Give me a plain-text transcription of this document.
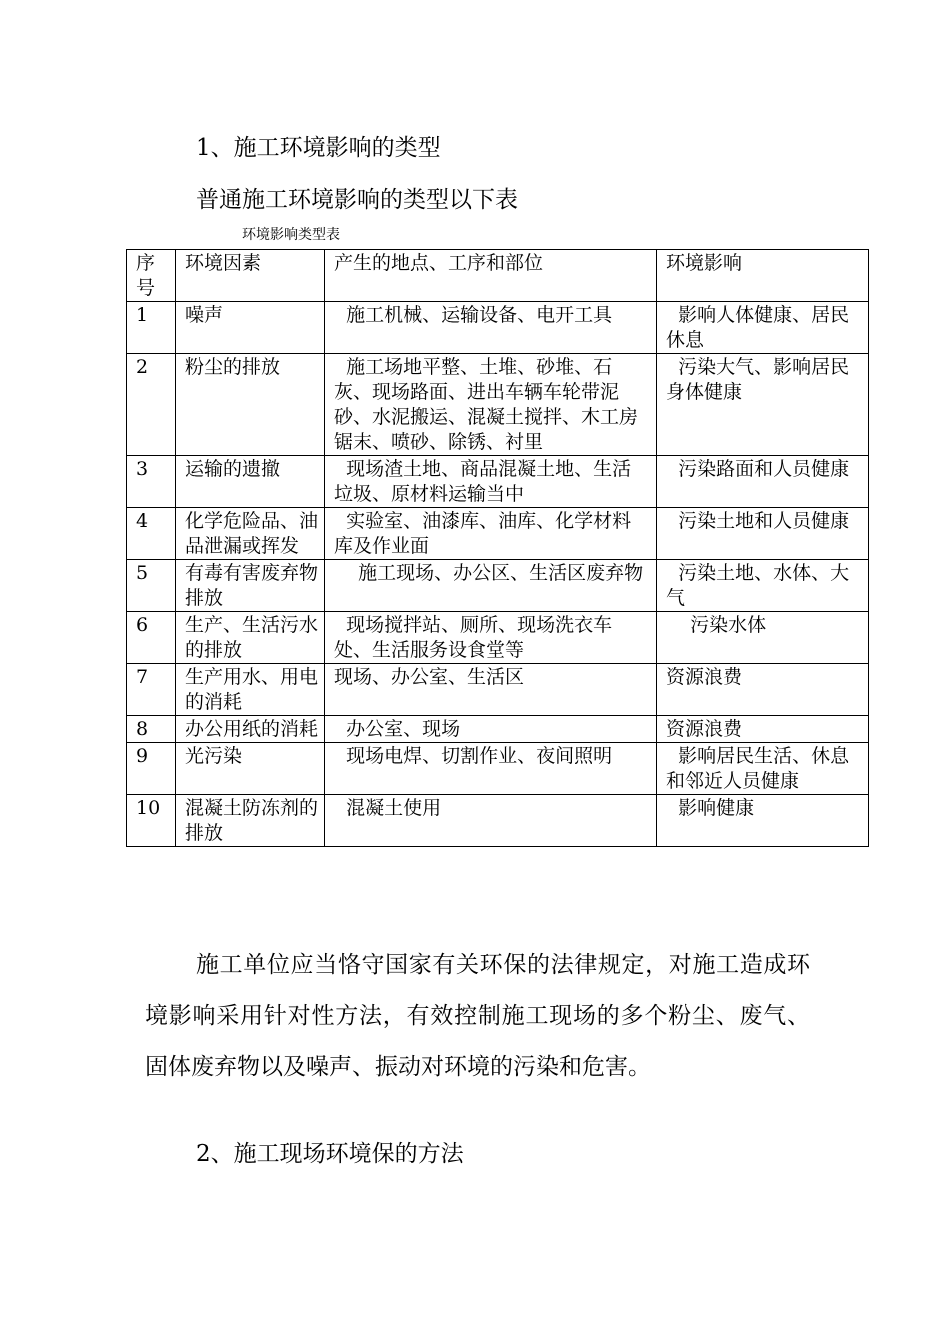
1、施工环境影响的类型
普通施工环境影响的类型以下表
环境影响类型表
序号	环境因素	产生的地点、工序和部位	环境影响
1	噪声	施工机械、运输设备、电开工具	影响人体健康、居民休息
2	粉尘的排放	施工场地平整、土堆、砂堆、石灰、现场路面、进出车辆车轮带泥砂、水泥搬运、混凝土搅拌、木工房锯末、喷砂、除锈、衬里	污染大气、影响居民身体健康
3	运输的遗撤	现场渣土地、商品混凝土地、生活垃圾、原材料运输当中	污染路面和人员健康
4	化学危险品、油品泄漏或挥发	实验室、油漆库、油库、化学材料库及作业面	污染土地和人员健康
5	有毒有害废弃物排放	施工现场、办公区、生活区废弃物	污染土地、水体、大气
6	生产、生活污水的排放	现场搅拌站、厕所、现场洗衣车处、生活服务设食堂等	污染水体
7	生产用水、用电的消耗	现场、办公室、生活区	资源浪费
8	办公用纸的消耗	办公室、现场	资源浪费
9	光污染	现场电焊、切割作业、夜间照明	影响居民生活、休息和邻近人员健康
10	混凝土防冻剂的排放	混凝土使用	影响健康
施工单位应当恪守国家有关环保的法律规定，对施工造成环境影响采用针对性方法，有效控制施工现场的多个粉尘、废气、固体废弃物以及噪声、振动对环境的污染和危害。
2、施工现场环境保的方法
